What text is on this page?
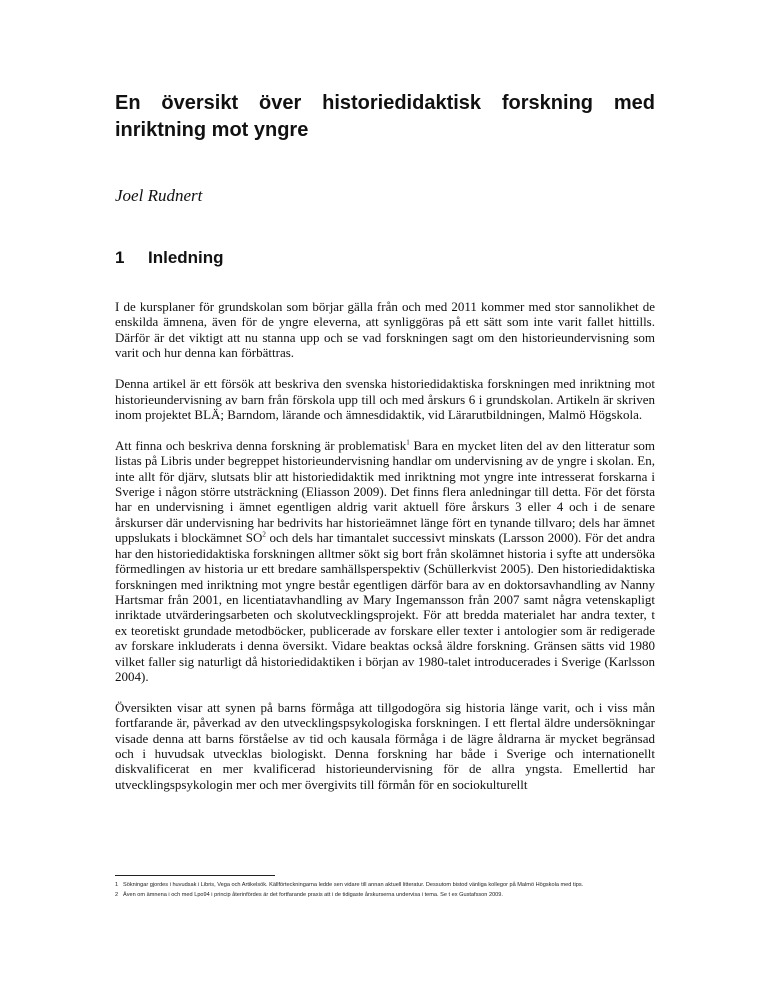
En översikt över historiedidaktisk forskning med inriktning mot yngre

Joel Rudnert

1	Inledning

I de kursplaner för grundskolan som börjar gälla från och med 2011 kommer med stor sannolikhet de enskilda ämnena, även för de yngre eleverna, att synliggöras på ett sätt som inte varit fallet hittills. Därför är det viktigt att nu stanna upp och se vad forskningen sagt om den historieundervisning som varit och hur denna kan förbättras.

Denna artikel är ett försök att beskriva den svenska historiedidaktiska forskningen med inriktning mot historieundervisning av barn från förskola upp till och med årskurs 6 i grundskolan. Artikeln är skriven inom projektet BLÄ; Barndom, lärande och ämnesdidaktik, vid Lärarutbildningen, Malmö Högskola.

Att finna och beskriva denna forskning är problematisk$^1$ Bara en mycket liten del av den litteratur som listas på Libris under begreppet historieundervisning handlar om undervisning av de yngre i skolan. En, inte allt för djärv, slutsats blir att historiedidaktik med inriktning mot yngre inte intresserat forskarna i Sverige i någon större utsträckning (Eliasson 2009). Det finns flera anledningar till detta. För det första har en undervisning i ämnet egentligen aldrig varit aktuell före årskurs 3 eller 4 och i de senare årskurser där undervisning har bedrivits har historieämnet länge fört en tynande tillvaro; dels har ämnet uppslukats i blockämnet $SO^2$ och dels har timantalet successivt minskats (Larsson 2000). För det andra har den historiedidaktiska forskningen alltmer sökt sig bort från skolämnet historia i syfte att undersöka förmedlingen av historia ur ett bredare samhällsperspektiv (Schüllerkvist 2005). Den historiedidaktiska forskningen med inriktning mot yngre består egentligen därför bara av en doktorsavhandling av Nanny Hartsmar från 2001, en licentiatavhandling av Mary Ingemansson från 2007 samt några vetenskapligt inriktade utvärderingsarbeten och skolutvecklingsprojekt. För att bredda materialet har andra texter, t ex teoretiskt grundade metodböcker, publicerade av forskare eller texter i antologier som är redigerade av forskare inkluderats i denna översikt. Vidare beaktas också äldre forskning. Gränsen sätts vid 1980 vilket faller sig naturligt då historiedidaktiken i början av 1980-talet introducerades i Sverige (Karlsson 2004).

Översikten visar att synen på barns förmåga att tillgodogöra sig historia länge varit, och i viss mån fortfarande är, påverkad av den utvecklingspsykologiska forskningen. I ett flertal äldre undersökningar visade denna att barns förståelse av tid och kausala förmåga i de lägre åldrarna är mycket begränsad och i huvudsak utvecklas biologiskt. Denna forskning har både i Sverige och internationellt diskvalificerat en mer kvalificerad historieundervisning för de allra yngsta. Emellertid har utvecklingspsykologin mer och mer övergivits till förmån för en sociokulturellt

1 Sökningar gjordes i huvudsak i Libris, Vega och Artikelsök. Källförteckningarna ledde sen vidare till annan aktuell litteratur. Dessutom bistod vänliga kollegor på Malmö Högskola med tips.
2 Även om ämnena i och med Lpo94 i princip återinfördes är det fortfarande praxis att i de tidigaste årskurserna undervisa i tema. Se t ex Gustafsson 2009.
